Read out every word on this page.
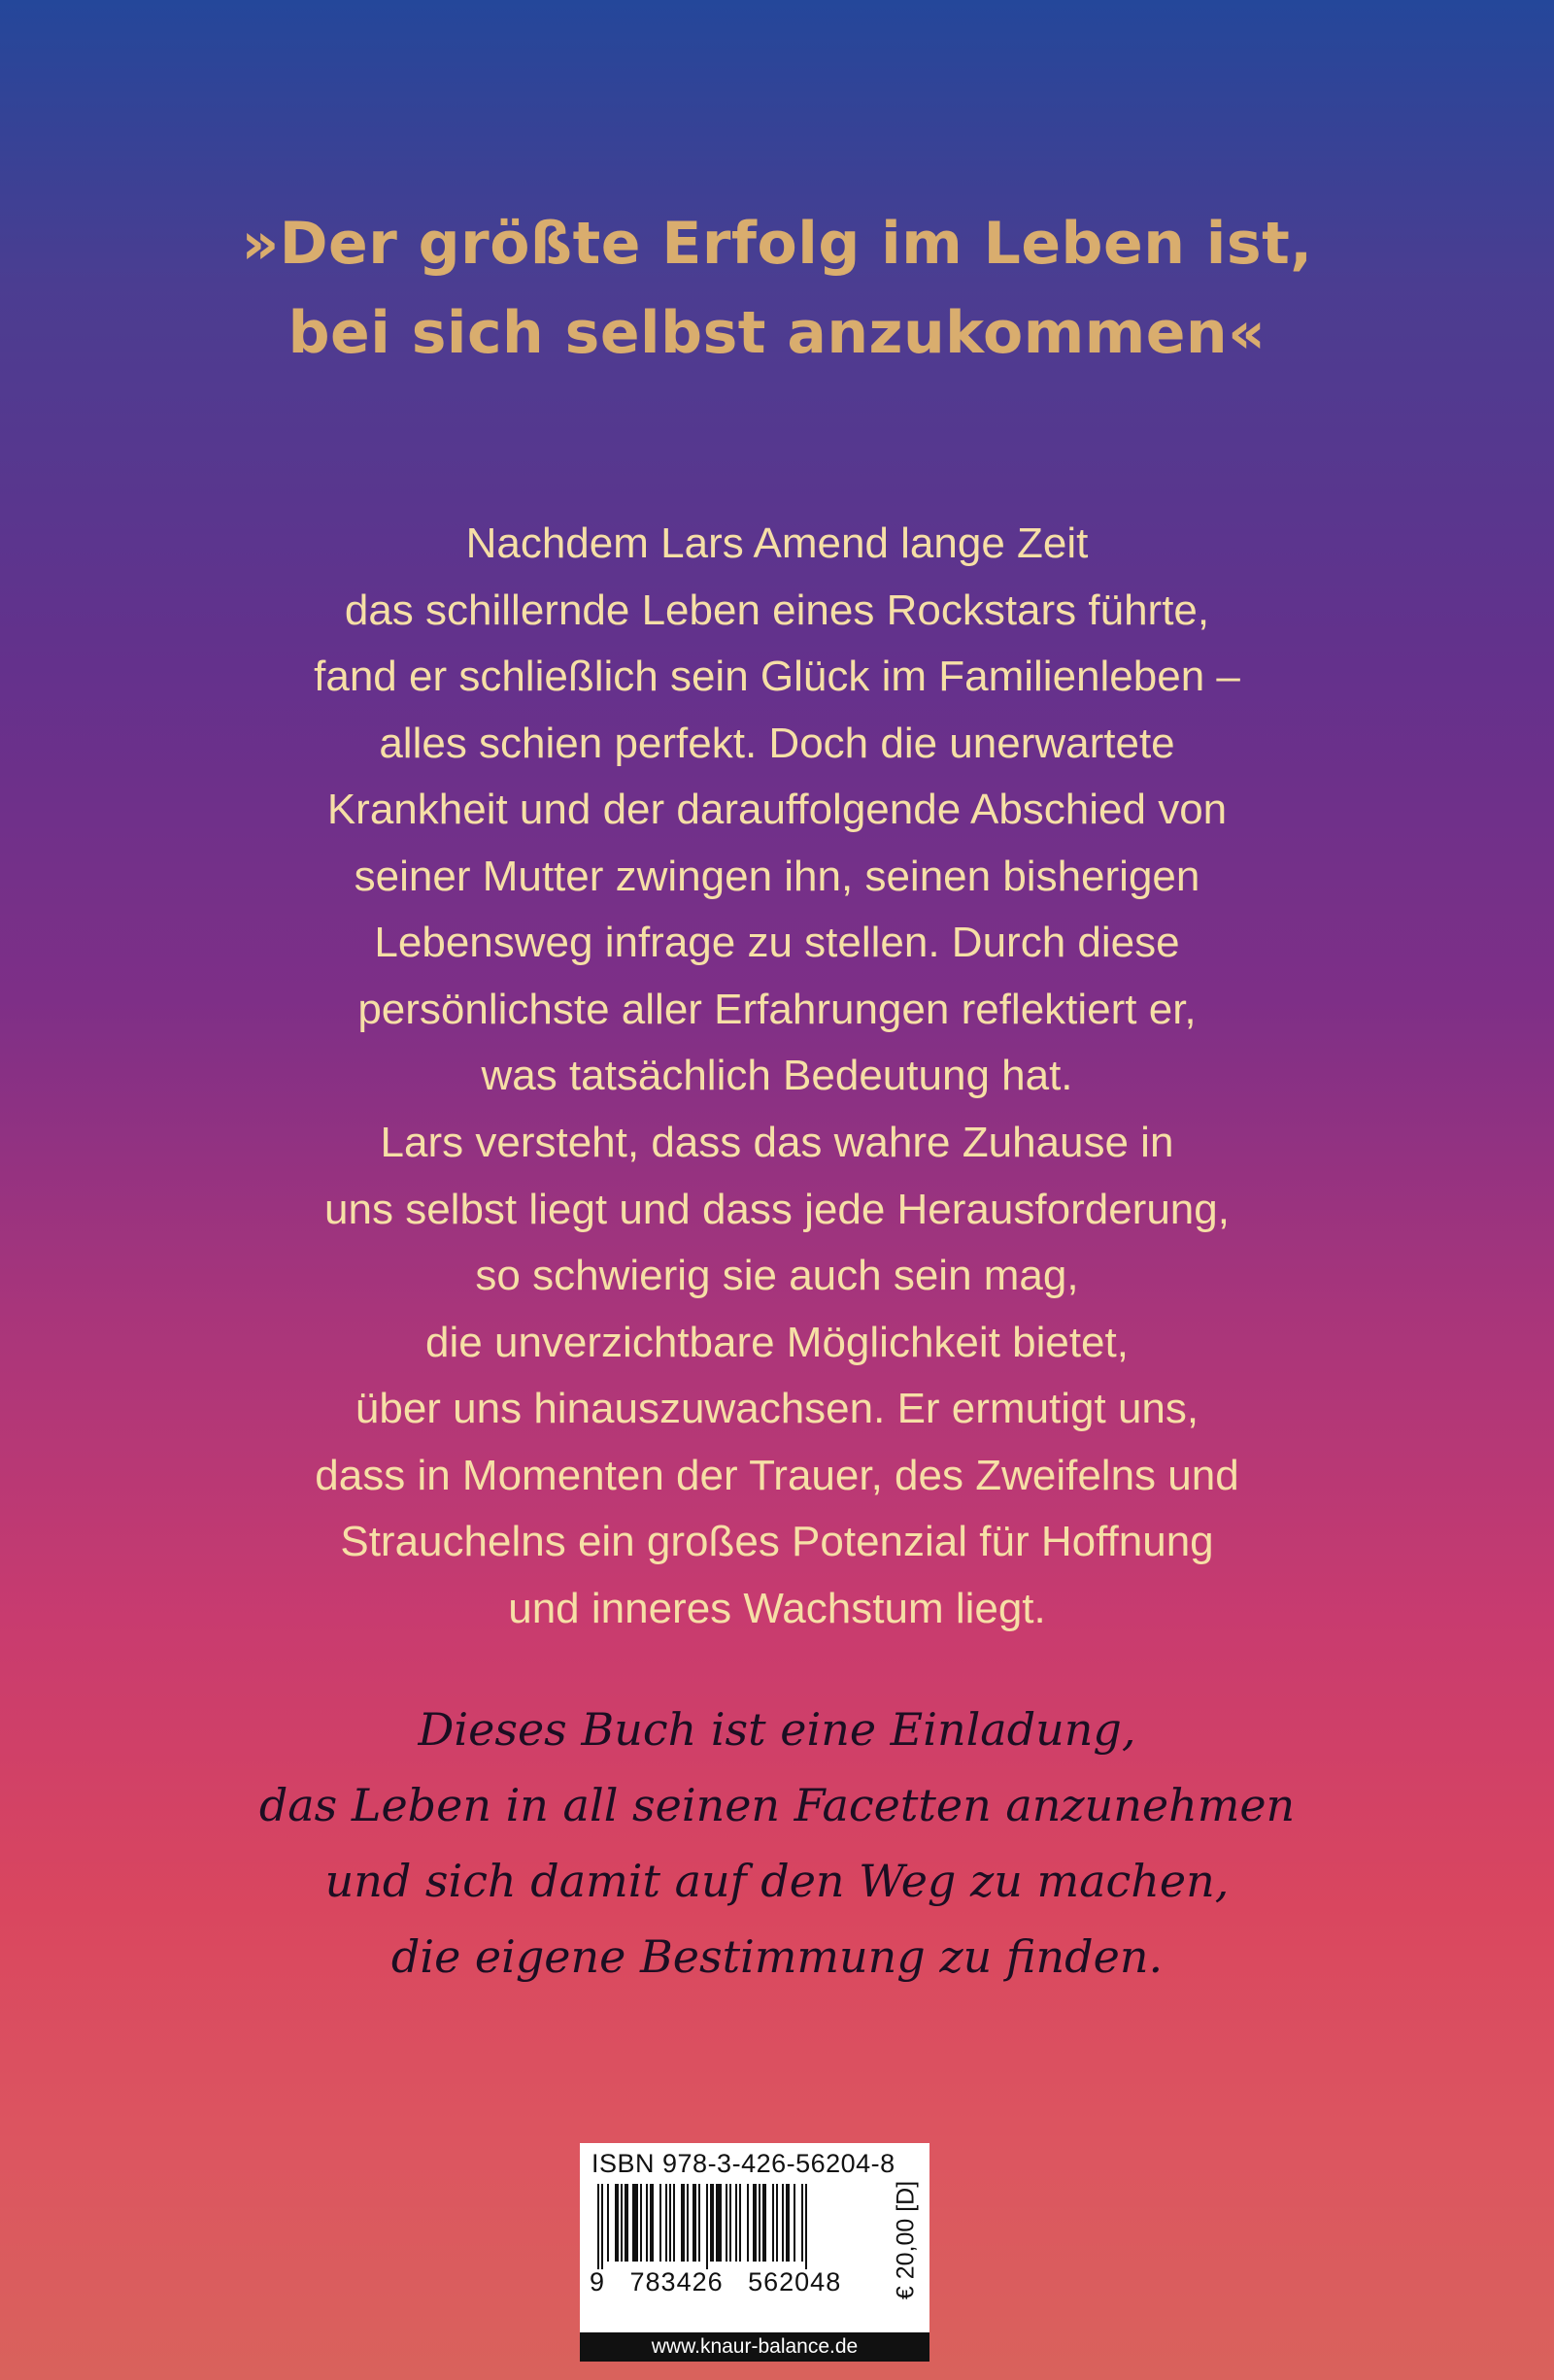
»Der größte Erfolg im Leben ist,
bei sich selbst anzukommen«

Nachdem Lars Amend lange Zeit
das schillernde Leben eines Rockstars führte,
fand er schließlich sein Glück im Familienleben –
alles schien perfekt. Doch die unerwartete
Krankheit und der darauffolgende Abschied von
seiner Mutter zwingen ihn, seinen bisherigen
Lebensweg infrage zu stellen. Durch diese
persönlichste aller Erfahrungen reflektiert er,
was tatsächlich Bedeutung hat.

Lars versteht, dass das wahre Zuhause in
uns selbst liegt und dass jede Herausforderung,
so schwierig sie auch sein mag,
die unverzichtbare Möglichkeit bietet,
über uns hinauszuwachsen. Er ermutigt uns,
dass in Momenten der Trauer, des Zweifelns und
Strauchelns ein großes Potenzial für Hoffnung
und inneres Wachstum liegt.

Dieses Buch ist eine Einladung,
das Leben in all seinen Facetten anzunehmen
und sich damit auf den Weg zu machen,
die eigene Bestimmung zu finden.

ISBN 978-3-426-56204-8
9   783426   562048 € 20,00 [D]
www.knaur-balance.de
